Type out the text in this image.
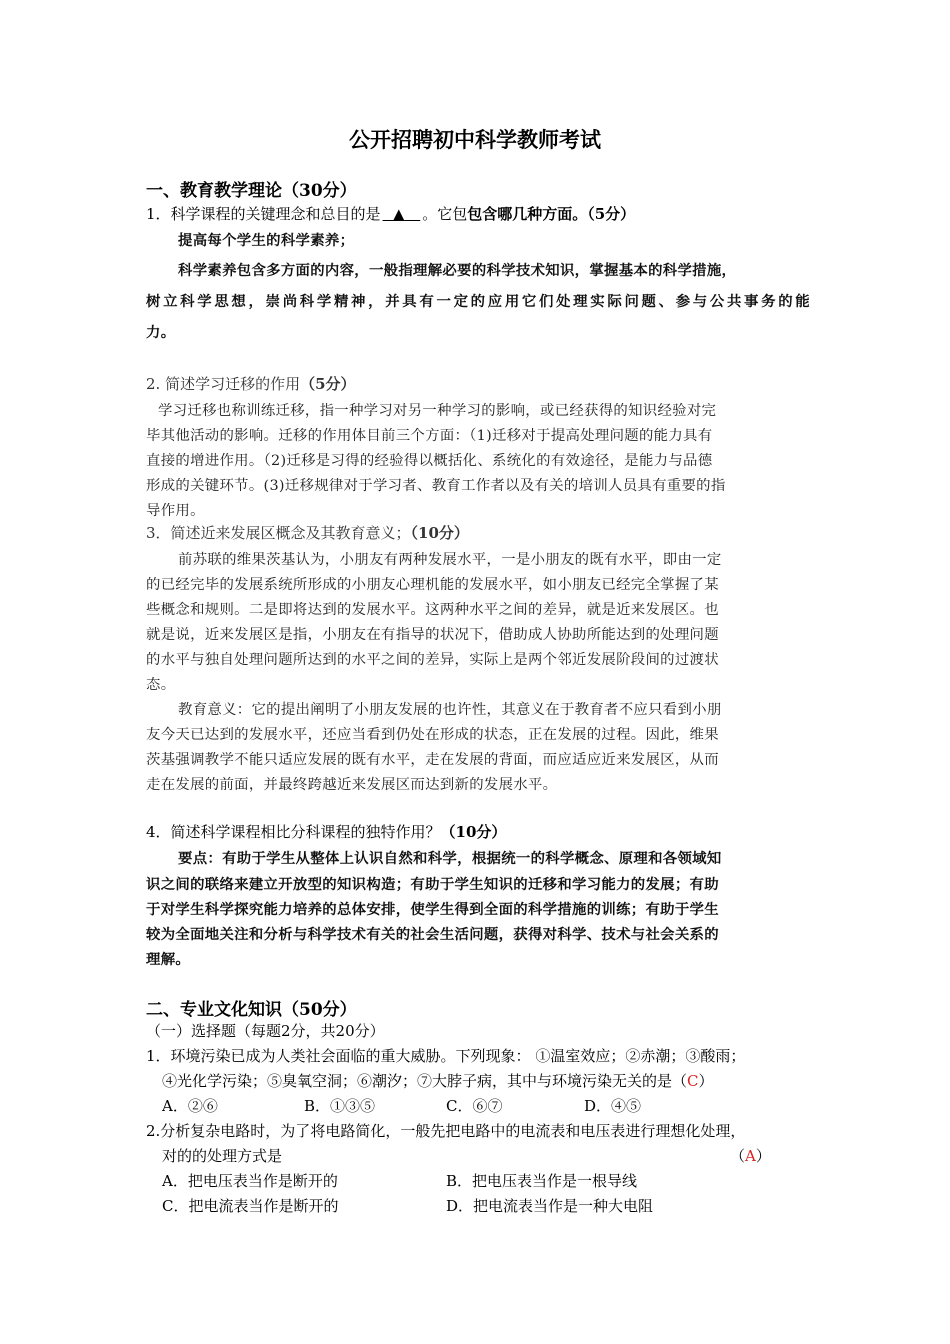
公开招聘初中科学教师考试
一、教育教学理论（30分）
1．科学课程的关键理念和总目的是 ▲ 。它包包含哪几种方面。（5分）
提高每个学生的科学素养；
科学素养包含多方面的内容，一般指理解必要的科学技术知识，掌握基本的科学措施，
树立科学思想，崇尚科学精神，并具有一定的应用它们处理实际问题、参与公共事务的能
力。
2. 简述学习迁移的作用（5分）
学习迁移也称训练迁移，指一种学习对另一种学习的影响，或已经获得的知识经验对完
毕其他活动的影响。迁移的作用体目前三个方面：（1)迁移对于提高处理问题的能力具有
直接的增进作用。（2)迁移是习得的经验得以概括化、系统化的有效途径，是能力与品德
形成的关键环节。(3)迁移规律对于学习者、教育工作者以及有关的培训人员具有重要的指
导作用。
3．简述近来发展区概念及其教育意义；（10分）
前苏联的维果茨基认为，小朋友有两种发展水平，一是小朋友的既有水平，即由一定
的已经完毕的发展系统所形成的小朋友心理机能的发展水平，如小朋友已经完全掌握了某
些概念和规则。二是即将达到的发展水平。这两种水平之间的差异，就是近来发展区。也
就是说，近来发展区是指，小朋友在有指导的状况下，借助成人协助所能达到的处理问题
的水平与独自处理问题所达到的水平之间的差异，实际上是两个邻近发展阶段间的过渡状
态。
教育意义：它的提出阐明了小朋友发展的也许性，其意义在于教育者不应只看到小朋
友今天已达到的发展水平，还应当看到仍处在形成的状态，正在发展的过程。因此，维果
茨基强调教学不能只适应发展的既有水平，走在发展的背面，而应适应近来发展区，从而
走在发展的前面，并最终跨越近来发展区而达到新的发展水平。
4．简述科学课程相比分科课程的独特作用？（10分）
要点：有助于学生从整体上认识自然和科学，根据统一的科学概念、原理和各领域知
识之间的联络来建立开放型的知识构造；有助于学生知识的迁移和学习能力的发展；有助
于对学生科学探究能力培养的总体安排，使学生得到全面的科学措施的训练；有助于学生
较为全面地关注和分析与科学技术有关的社会生活问题，获得对科学、技术与社会关系的
理解。
二、专业文化知识（50分）
（一）选择题（每题2分，共20分）
1．环境污染已成为人类社会面临的重大威胁。下列现象： ①温室效应；②赤潮；③酸雨；
④光化学污染；⑤臭氧空洞；⑥潮汐；⑦大脖子病，其中与环境污染无关的是（C）
A．②⑥	B．①③⑤	C．⑥⑦	D．④⑤
2.分析复杂电路时，为了将电路简化，一般先把电路中的电流表和电压表进行理想化处理，
对的的处理方式是	（A）
A．把电压表当作是断开的	B．把电压表当作是一根导线
C．把电流表当作是断开的	D．把电流表当作是一种大电阻
